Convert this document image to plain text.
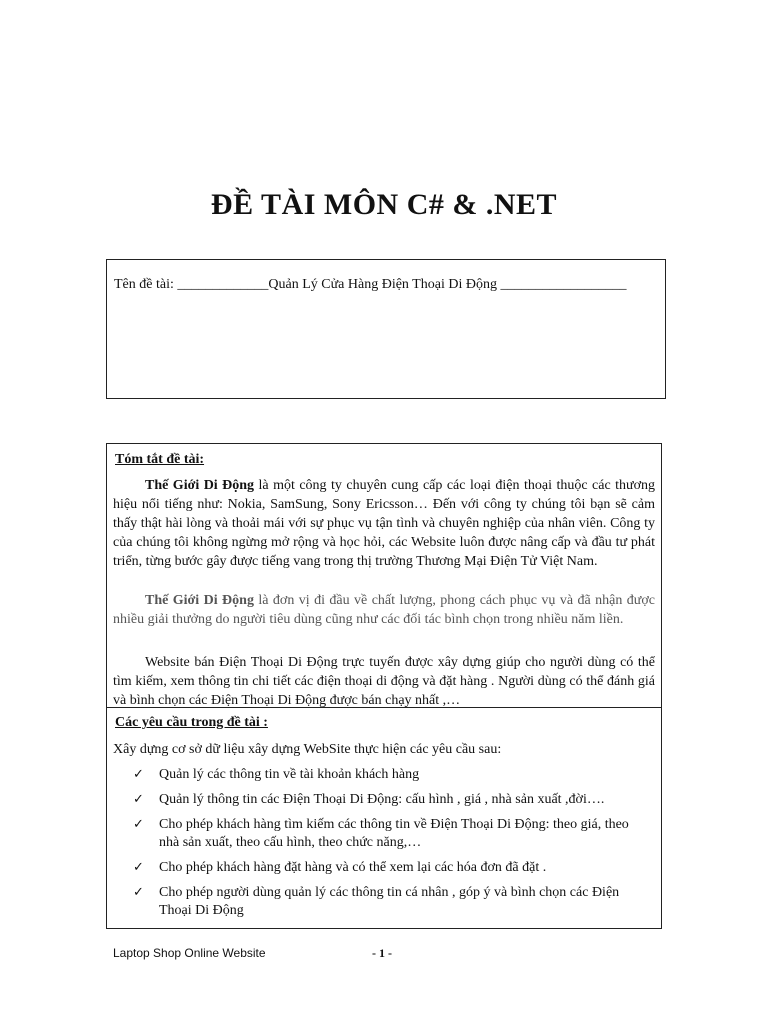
ĐỀ TÀI MÔN C# & .NET
Tên đề tài: _____________Quản Lý Cửa Hàng Điện Thoại Di Động __________________
Tóm tắt đề tài:
Thế Giới Di Động là một công ty chuyên cung cấp các loại điện thoại thuộc các thương hiệu nổi tiếng như: Nokia, SamSung, Sony Ericsson… Đến với công ty chúng tôi bạn sẽ cảm thấy thật hài lòng và thoải mái với sự phục vụ tận tình và chuyên nghiệp của nhân viên. Công ty của chúng tôi không ngừng mở rộng và học hỏi, các Website luôn được nâng cấp và đầu tư phát triển, từng bước gây được tiếng vang trong thị trường Thương Mại Điện Tử Việt Nam.
Thế Giới Di Động là đơn vị đi đầu về chất lượng, phong cách phục vụ và đã nhận được nhiều giải thưởng do người tiêu dùng cũng như các đối tác bình chọn trong nhiều năm liền.
Website bán Điện Thoại Di Động trực tuyến được xây dựng giúp cho người dùng có thể tìm kiếm, xem thông tin chi tiết các điện thoại di động và đặt hàng . Người dùng có thể đánh giá và bình chọn các Điện Thoại Di Động được bán chạy nhất ,…
Các yêu cầu trong đề tài :
Xây dựng cơ sở dữ liệu xây dựng WebSite thực hiện các yêu cầu sau:
✓ Quản lý các thông tin về tài khoản khách hàng
✓ Quản lý thông tin các Điện Thoại Di Động: cấu hình , giá , nhà sản xuất ,đời….
✓ Cho phép khách hàng tìm kiếm các thông tin về Điện Thoại Di Động: theo giá, theo nhà sản xuất, theo cấu hình, theo chức năng,…
✓ Cho phép khách hàng đặt hàng và có thể xem lại các hóa đơn đã đặt .
✓ Cho phép người dùng quản lý các thông tin cá nhân , góp ý và bình chọn các Điện Thoại Di Động
Laptop Shop Online Website	- 1 -
